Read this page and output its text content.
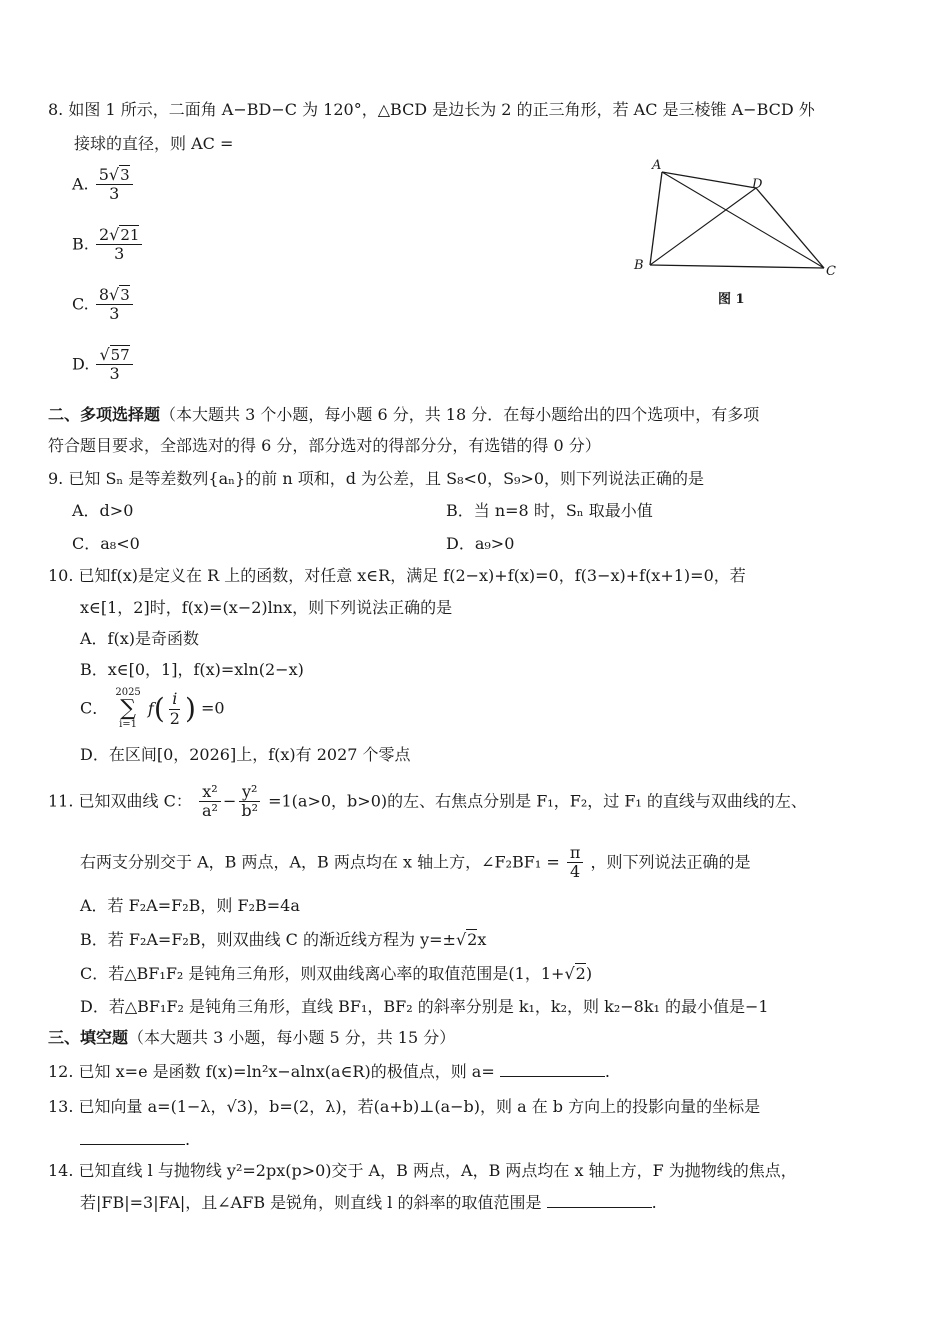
8. 如图 1 所示，二面角 A−BD−C 为 120°，△BCD 是边长为 2 的正三角形，若 AC 是三棱锥 A−BCD 外
接球的直径，则 AC =
A. $\frac{5√3}{3}$
B. $\frac{2√21}{3}$
C. $\frac{8√3}{3}$
D. $\frac{√57}{3}$
A
D
B	C
图 1
二、多项选择题（本大题共 3 个小题，每小题 6 分，共 18 分．在每小题给出的四个选项中，有多项
符合题目要求，全部选对的得 6 分，部分选对的得部分分，有选错的得 0 分）
9. 已知 Sₙ 是等差数列{aₙ}的前 n 项和，d 为公差，且 S₈<0，S₉>0，则下列说法正确的是
A．d>0	B．当 n=8 时，Sₙ 取最小值
C．a₈<0	D．a₉>0
10. 已知f(x)是定义在 R 上的函数，对任意 x∈R，满足 f(2−x)+f(x)=0，f(3−x)+f(x+1)=0，若
x∈[1，2]时，f(x)=(x−2)lnx，则下列说法正确的是
A．f(x)是奇函数
B．x∈[0，1]，f(x)=xln(2−x)
C．
2025
∑
i=1

f ( $\frac{i}{2}$ ) =0
D．在区间[0，2026]上，f(x)有 2027 个零点
11. 已知双曲线 C： $\frac{\text{x²}}{\text{a²}} - \frac{\text{y²}}{\text{b²}} =1(a>0$，b>0)的左、右焦点分别是 F₁，F₂，过 F₁ 的直线与双曲线的左、
右两支分别交于 A，B 两点，A，B 两点均在 x 轴上方，∠F₂BF₁ = $\frac{\pi}{4}$ ，则下列说法正确的是
A．若 F₂A=F₂B，则 F₂B=4a
B．若 F₂A=F₂B，则双曲线 C 的渐近线方程为 y=±√2x
C．若△BF₁F₂ 是钝角三角形，则双曲线离心率的取值范围是(1，1+√2)
D．若△BF₁F₂ 是钝角三角形，直线 BF₁，BF₂ 的斜率分别是 k₁，k₂，则 k₂−8k₁ 的最小值是−1
三、填空题（本大题共 3 小题，每小题 5 分，共 15 分）
12. 已知 x=e 是函数 f(x)=ln²x−alnx(a∈R)的极值点，则 a=	.
13. 已知向量 a=(1−λ，√3)，b=(2，λ)，若(a+b)⊥(a−b)，则 a 在 b 方向上的投影向量的坐标是
.
14. 已知直线 l 与抛物线 y²=2px(p>0)交于 A，B 两点，A，B 两点均在 x 轴上方，F 为抛物线的焦点，
若|FB|=3|FA|，且∠AFB 是锐角，则直线 l 的斜率的取值范围是	.
